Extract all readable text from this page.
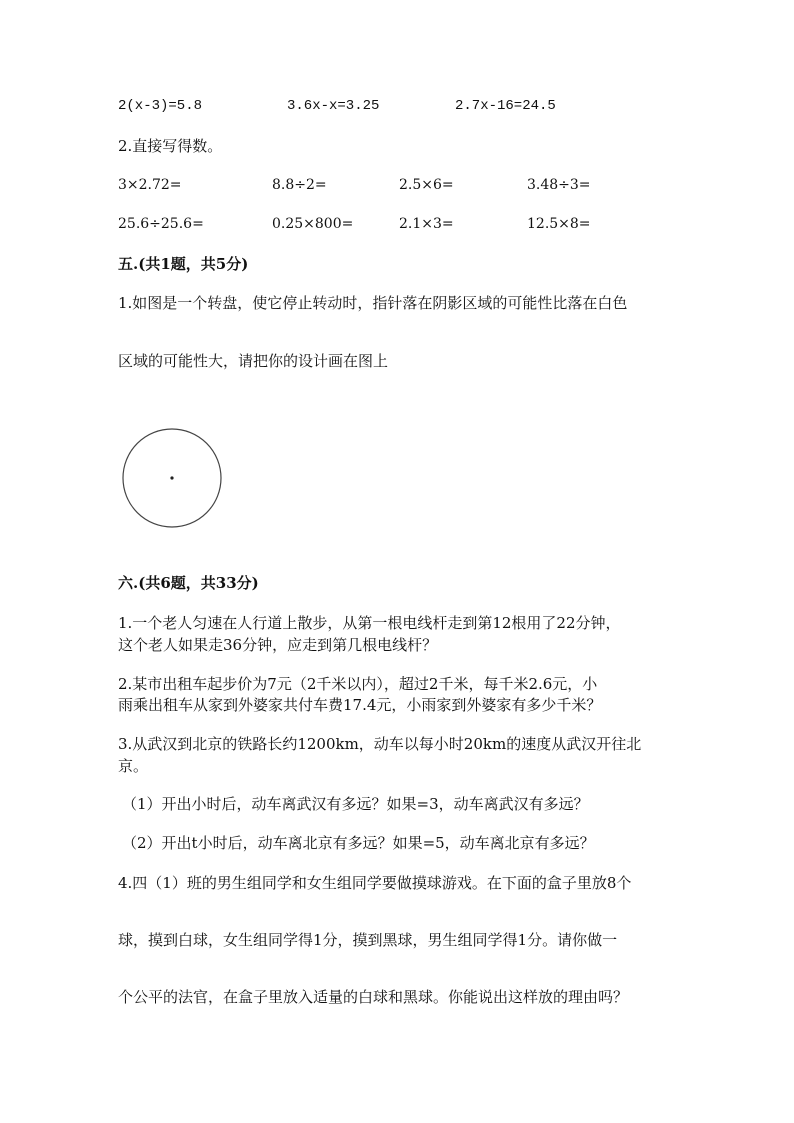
2(x-3)=5.8	3.6x-x=3.25	2.7x-16=24.5
2.直接写得数。
3×2.72=	8.8÷2=	2.5×6=	3.48÷3=
25.6÷25.6=	0.25×800=	2.1×3=	12.5×8=
五.(共1题，共5分)
1.如图是一个转盘，使它停止转动时，指针落在阴影区域的可能性比落在白色
区域的可能性大，请把你的设计画在图上
六.(共6题，共33分)
1.一个老人匀速在人行道上散步，从第一根电线杆走到第12根用了22分钟，
这个老人如果走36分钟，应走到第几根电线杆？
2.某市出租车起步价为7元（2千米以内），超过2千米，每千米2.6元，小
雨乘出租车从家到外婆家共付车费17.4元，小雨家到外婆家有多少千米？
3.从武汉到北京的铁路长约1200km，动车以每小时20km的速度从武汉开往北
京。
（1）开出小时后，动车离武汉有多远？如果=3，动车离武汉有多远？
（2）开出t小时后，动车离北京有多远？如果=5，动车离北京有多远？
4.四（1）班的男生组同学和女生组同学要做摸球游戏。在下面的盒子里放8个
球，摸到白球，女生组同学得1分，摸到黑球，男生组同学得1分。请你做一
个公平的法官，在盒子里放入适量的白球和黑球。你能说出这样放的理由吗？
